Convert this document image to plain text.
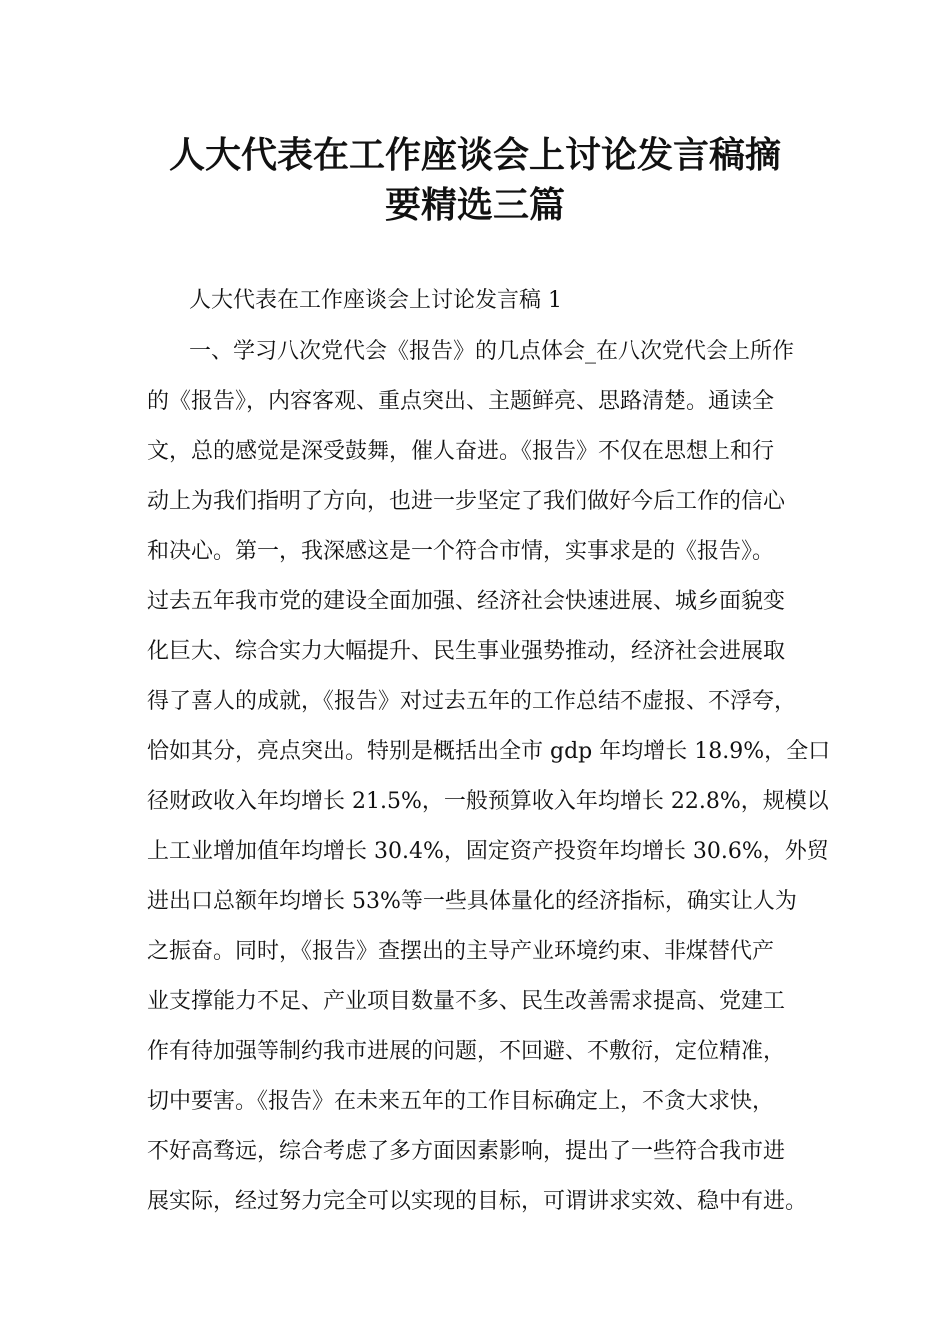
人大代表在工作座谈会上讨论发言稿摘
要精选三篇
人大代表在工作座谈会上讨论发言稿 1
一、学习八次党代会《报告》的几点体会_在八次党代会上所作
的《报告》，内容客观、重点突出、主题鲜亮、思路清楚。通读全
文，总的感觉是深受鼓舞，催人奋进。《报告》不仅在思想上和行
动上为我们指明了方向，也进一步坚定了我们做好今后工作的信心
和决心。第一，我深感这是一个符合市情，实事求是的《报告》。
过去五年我市党的建设全面加强、经济社会快速进展、城乡面貌变
化巨大、综合实力大幅提升、民生事业强势推动，经济社会进展取
得了喜人的成就，《报告》对过去五年的工作总结不虚报、不浮夸，
恰如其分，亮点突出。特别是概括出全市 gdp 年均增长 18.9%，全口
径财政收入年均增长 21.5%，一般预算收入年均增长 22.8%，规模以
上工业增加值年均增长 30.4%，固定资产投资年均增长 30.6%，外贸
进出口总额年均增长 53%等一些具体量化的经济指标，确实让人为
之振奋。同时，《报告》查摆出的主导产业环境约束、非煤替代产
业支撑能力不足、产业项目数量不多、民生改善需求提高、党建工
作有待加强等制约我市进展的问题，不回避、不敷衍，定位精准，
切中要害。《报告》在未来五年的工作目标确定上，不贪大求快，
不好高骛远，综合考虑了多方面因素影响，提出了一些符合我市进
展实际，经过努力完全可以实现的目标，可谓讲求实效、稳中有进。
